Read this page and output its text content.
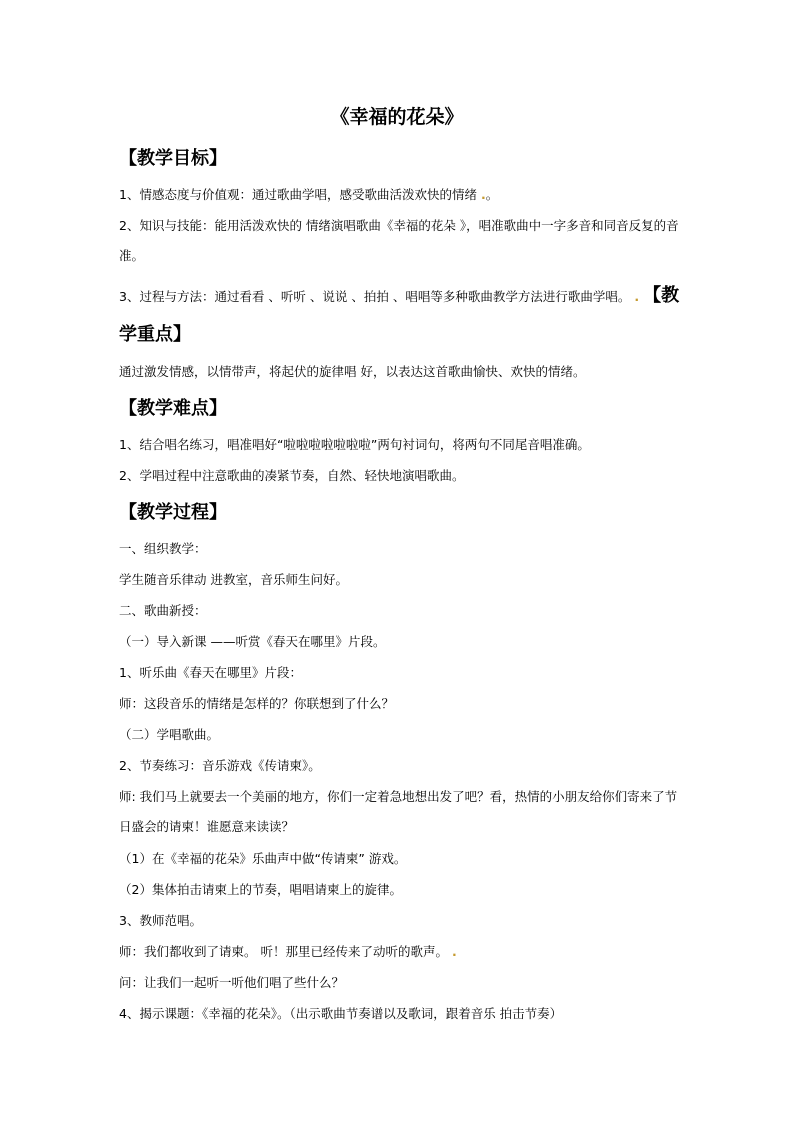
《幸福的花朵》
【教学目标】
1、情感态度与价值观：通过歌曲学唱，感受歌曲活泼欢快的情绪 .。
2、知识与技能：能用活泼欢快的 情绪演唱歌曲《幸福的花朵 》，唱准歌曲中一字多音和同音反复的音准。
3、过程与方法：通过看看 、听听 、说说 、拍拍 、唱唱等多种歌曲教学方法进行歌曲学唱。 . 【教
学重点】
通过激发情感，以情带声，将起伏的旋律唱 好，以表达这首歌曲愉快、欢快的情绪。
【教学难点】
1、结合唱名练习，唱准唱好“啦啦啦啦啦啦啦”两句衬词句，将两句不同尾音唱准确。
2、学唱过程中注意歌曲的凑紧节奏，自然、轻快地演唱歌曲。
【教学过程】
一、组织教学：
学生随音乐律动 进教室，音乐师生问好。
二、歌曲新授：
（一）导入新课 ——听赏《春天在哪里》片段。
1、听乐曲《春天在哪里》片段：
师：这段音乐的情绪是怎样的？你联想到了什么？
（二）学唱歌曲。
2、节奏练习：音乐游戏《传请柬》。
师: 我们马上就要去一个美丽的地方，你们一定着急地想出发了吧？看，热情的小朋友给你们寄来了节日盛会的请柬！谁愿意来读读？
（1）在《幸福的花朵》乐曲声中做“传请柬” 游戏。
（2）集体拍击请柬上的节奏，唱唱请柬上的旋律。
3、教师范唱。
师：我们都收到了请柬。 听！那里已经传来了动听的歌声。 .
问：让我们一起听一听他们唱了些什么？
4、揭示课题：《幸福的花朵》。（出示歌曲节奏谱以及歌词，跟着音乐 拍击节奏）
